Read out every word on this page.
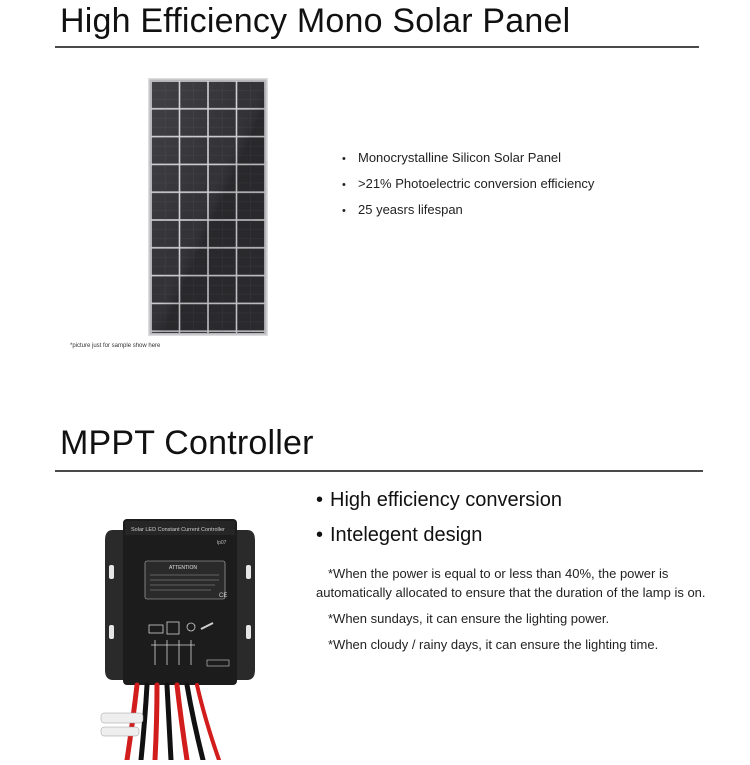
High Efficiency Mono Solar Panel
*picture just for sample show here
• Monocrystalline Silicon Solar Panel
• >21% Photoelectric conversion efficiency
• 25 yeasrs lifespan
MPPT Controller
Solar LED Constant Current Controller
lp07
ATTENTION
CE
• High efficiency conversion
• Intelegent design

*When the power is equal to or less than 40%, the power is automatically allocated to ensure that the duration of the lamp is on.

*When sundays, it can ensure the lighting power.

*When cloudy / rainy days, it can ensure the lighting time.
